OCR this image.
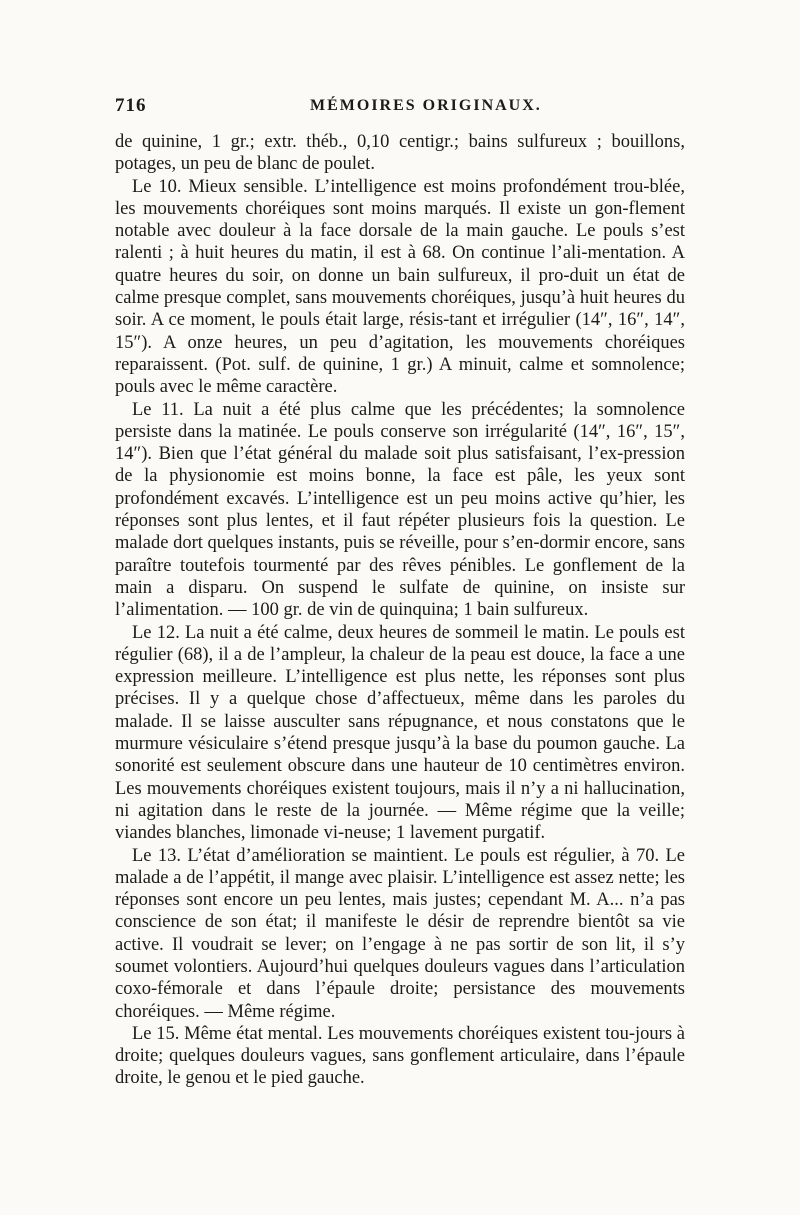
716	MÉMOIRES ORIGINAUX.

de quinine, 1 gr.; extr. théb., 0,10 centigr.; bains sulfureux ; bouillons, potages, un peu de blanc de poulet.

Le 10. Mieux sensible. L’intelligence est moins profondément trou-blée, les mouvements choréiques sont moins marqués. Il existe un gon-flement notable avec douleur à la face dorsale de la main gauche. Le pouls s’est ralenti ; à huit heures du matin, il est à 68. On continue l’ali-mentation. A quatre heures du soir, on donne un bain sulfureux, il pro-duit un état de calme presque complet, sans mouvements choréiques, jusqu’à huit heures du soir. A ce moment, le pouls était large, résis-tant et irrégulier (14″, 16″, 14″, 15″). A onze heures, un peu d’agitation, les mouvements choréiques reparaissent. (Pot. sulf. de quinine, 1 gr.) A minuit, calme et somnolence; pouls avec le même caractère.

Le 11. La nuit a été plus calme que les précédentes; la somnolence persiste dans la matinée. Le pouls conserve son irrégularité (14″, 16″, 15″, 14″). Bien que l’état général du malade soit plus satisfaisant, l’ex-pression de la physionomie est moins bonne, la face est pâle, les yeux sont profondément excavés. L’intelligence est un peu moins active qu’hier, les réponses sont plus lentes, et il faut répéter plusieurs fois la question. Le malade dort quelques instants, puis se réveille, pour s’en-dormir encore, sans paraître toutefois tourmenté par des rêves pénibles. Le gonflement de la main a disparu. On suspend le sulfate de quinine, on insiste sur l’alimentation. — 100 gr. de vin de quinquina; 1 bain sulfureux.

Le 12. La nuit a été calme, deux heures de sommeil le matin. Le pouls est régulier (68), il a de l’ampleur, la chaleur de la peau est douce, la face a une expression meilleure. L’intelligence est plus nette, les réponses sont plus précises. Il y a quelque chose d’affectueux, même dans les paroles du malade. Il se laisse ausculter sans répugnance, et nous constatons que le murmure vésiculaire s’étend presque jusqu’à la base du poumon gauche. La sonorité est seulement obscure dans une hauteur de 10 centimètres environ. Les mouvements choréiques existent toujours, mais il n’y a ni hallucination, ni agitation dans le reste de la journée. — Même régime que la veille; viandes blanches, limonade vi-neuse; 1 lavement purgatif.

Le 13. L’état d’amélioration se maintient. Le pouls est régulier, à 70. Le malade a de l’appétit, il mange avec plaisir. L’intelligence est assez nette; les réponses sont encore un peu lentes, mais justes; cependant M. A... n’a pas conscience de son état; il manifeste le désir de reprendre bientôt sa vie active. Il voudrait se lever; on l’engage à ne pas sortir de son lit, il s’y soumet volontiers. Aujourd’hui quelques douleurs vagues dans l’articulation coxo-fémorale et dans l’épaule droite; persistance des mouvements choréiques. — Même régime.

Le 15. Même état mental. Les mouvements choréiques existent tou-jours à droite; quelques douleurs vagues, sans gonflement articulaire, dans l’épaule droite, le genou et le pied gauche.
